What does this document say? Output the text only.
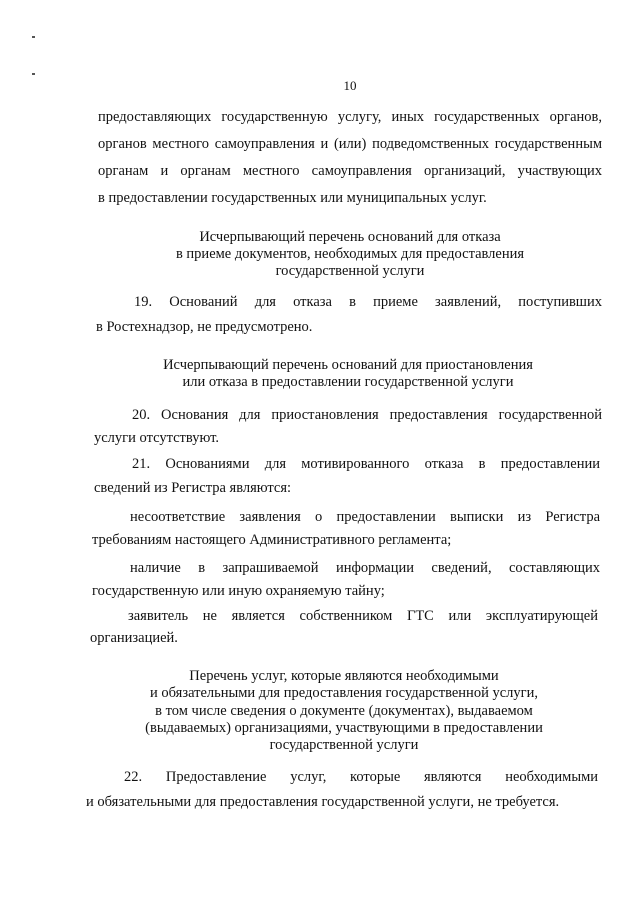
10
предоставляющих государственную услугу, иных государственных органов,
органов местного самоуправления и (или) подведомственных государственным
органам и органам местного самоуправления организаций, участвующих
в предоставлении государственных или муниципальных услуг.
Исчерпывающий перечень оснований для отказа
в приеме документов, необходимых для предоставления
государственной услуги
19. Оснований для отказа в приеме заявлений, поступивших
в Ростехнадзор, не предусмотрено.
Исчерпывающий перечень оснований для приостановления
или отказа в предоставлении государственной услуги
20. Основания для приостановления предоставления государственной
услуги отсутствуют.
21. Основаниями для мотивированного отказа в предоставлении
сведений из Регистра являются:
несоответствие заявления о предоставлении выписки из Регистра
требованиям настоящего Административного регламента;
наличие в запрашиваемой информации сведений, составляющих
государственную или иную охраняемую тайну;
заявитель не является собственником ГТС или эксплуатирующей
организацией.
Перечень услуг, которые являются необходимыми
и обязательными для предоставления государственной услуги,
в том числе сведения о документе (документах), выдаваемом
(выдаваемых) организациями, участвующими в предоставлении
государственной услуги
22. Предоставление услуг, которые являются необходимыми
и обязательными для предоставления государственной услуги, не требуется.
